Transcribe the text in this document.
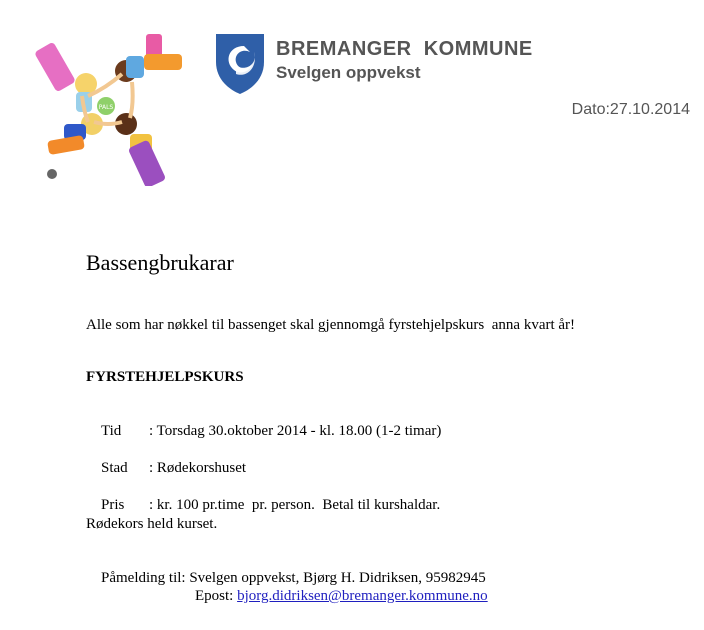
PALS
BREMANGER  KOMMUNE
Svelgen oppvekst
Dato:27.10.2014
Bassengbrukarar
Alle som har nøkkel til bassenget skal gjennomgå fyrstehjelpskurs  anna kvart år!
FYRSTEHJELPSKURS

Tid : Torsdag 30.oktober 2014 - kl. 18.00 (1-2 timar)

Stad : Rødekorshuset

Pris : kr. 100 pr.time  pr. person.  Betal til kurshaldar.

Rødekors held kurset.

Påmelding til: Svelgen oppvekst, Bjørg H. Didriksen, 95982945

Epost: bjorg.didriksen@bremanger.kommune.no
